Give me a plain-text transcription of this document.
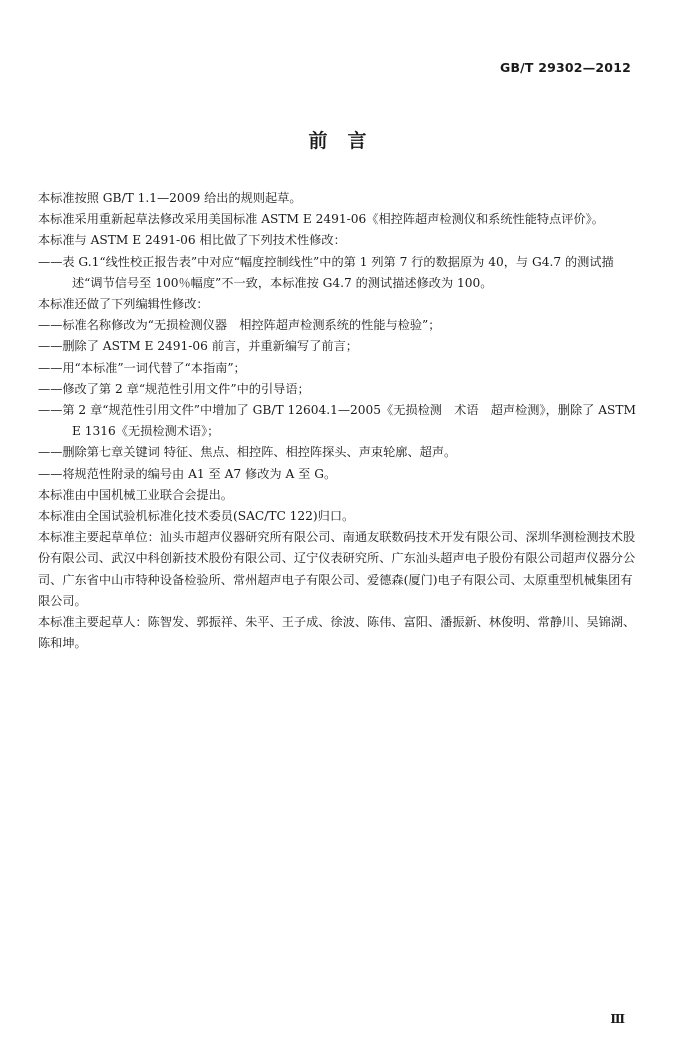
GB/T 29302—2012
前言

本标准按照 GB/T 1.1—2009 给出的规则起草。

本标准采用重新起草法修改采用美国标准 ASTM E 2491-06《相控阵超声检测仪和系统性能特点评价》。

本标准与 ASTM E 2491-06 相比做了下列技术性修改：

——表 G.1“线性校正报告表”中对应“幅度控制线性”中的第 1 列第 7 行的数据原为 40，与 G4.7 的测试描述“调节信号至 100％幅度”不一致，本标准按 G4.7 的测试描述修改为 100。

本标准还做了下列编辑性修改：

——标准名称修改为“无损检测仪器　相控阵超声检测系统的性能与检验”；

——删除了 ASTM E 2491-06 前言，并重新编写了前言；

——用“本标准”一词代替了“本指南”；

——修改了第 2 章“规范性引用文件”中的引导语；

——第 2 章“规范性引用文件”中增加了 GB/T 12604.1—2005《无损检测　术语　超声检测》，删除了 ASTM E 1316《无损检测术语》；

——删除第七章关键词 特征、焦点、相控阵、相控阵探头、声束轮廓、超声。

——将规范性附录的编号由 A1 至 A7 修改为 A 至 G。

本标准由中国机械工业联合会提出。

本标准由全国试验机标准化技术委员(SAC/TC 122)归口。

本标准主要起草单位：汕头市超声仪器研究所有限公司、南通友联数码技术开发有限公司、深圳华测检测技术股份有限公司、武汉中科创新技术股份有限公司、辽宁仪表研究所、广东汕头超声电子股份有限公司超声仪器分公司、广东省中山市特种设备检验所、常州超声电子有限公司、爱德森(厦门)电子有限公司、太原重型机械集团有限公司。

本标准主要起草人：陈智发、郭振祥、朱平、王子成、徐波、陈伟、富阳、潘振新、林俊明、常静川、吴锦湖、陈和坤。

Ⅲ
